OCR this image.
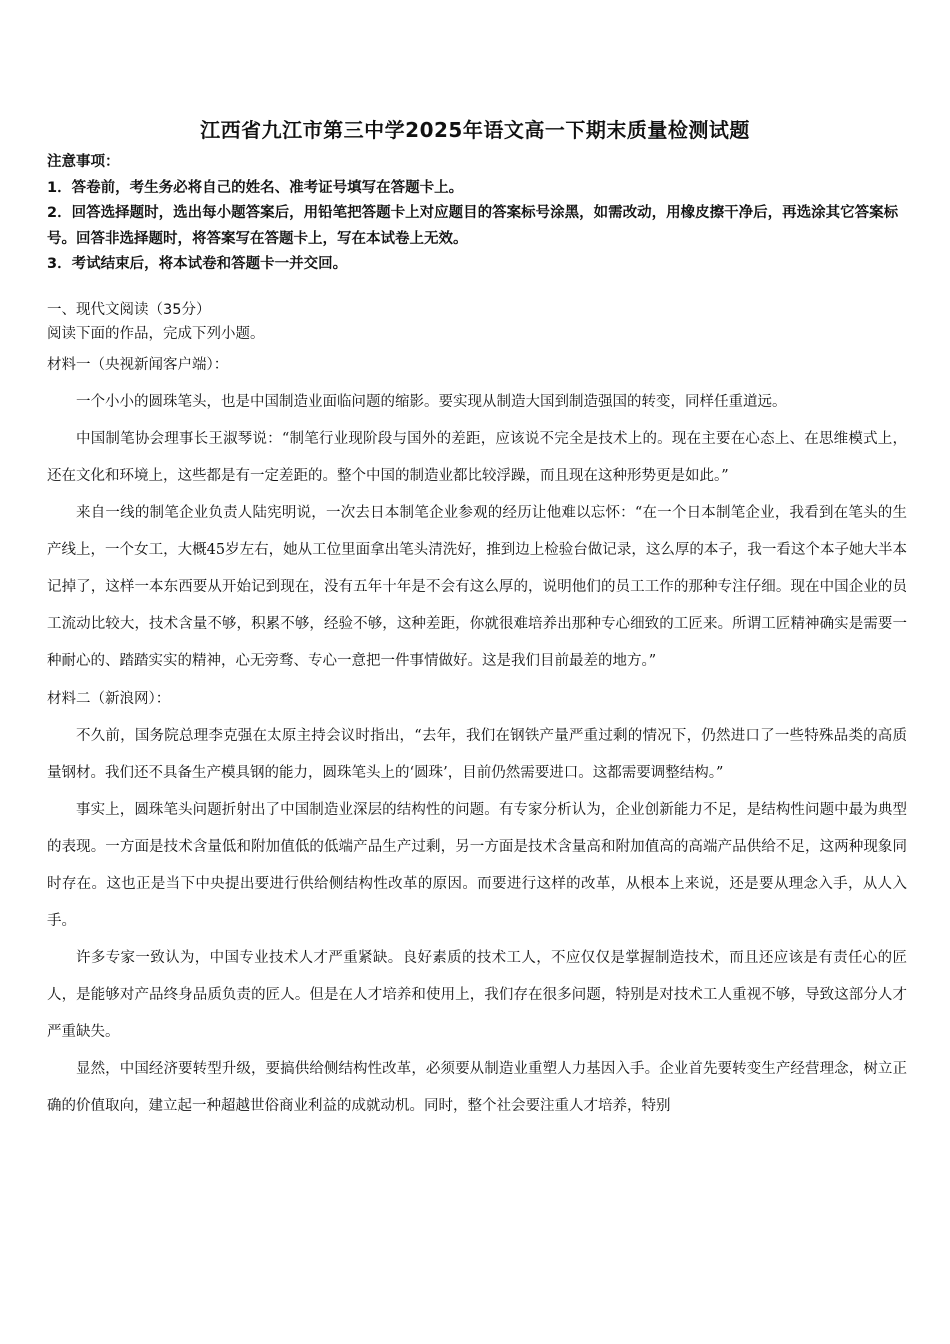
江西省九江市第三中学2025年语文高一下期末质量检测试题
注意事项：
1．答卷前，考生务必将自己的姓名、准考证号填写在答题卡上。
2．回答选择题时，选出每小题答案后，用铅笔把答题卡上对应题目的答案标号涂黑，如需改动，用橡皮擦干净后，再选涂其它答案标号。回答非选择题时，将答案写在答题卡上，写在本试卷上无效。
3．考试结束后，将本试卷和答题卡一并交回。
一、现代文阅读（35分）
阅读下面的作品，完成下列小题。
材料一（央视新闻客户端）：

一个小小的圆珠笔头，也是中国制造业面临问题的缩影。要实现从制造大国到制造强国的转变，同样任重道远。

中国制笔协会理事长王淑琴说：“制笔行业现阶段与国外的差距，应该说不完全是技术上的。现在主要在心态上、在思维模式上，还在文化和环境上，这些都是有一定差距的。整个中国的制造业都比较浮躁，而且现在这种形势更是如此。”

来自一线的制笔企业负责人陆宪明说，一次去日本制笔企业参观的经历让他难以忘怀：“在一个日本制笔企业，我看到在笔头的生产线上，一个女工，大概45岁左右，她从工位里面拿出笔头清洗好，推到边上检验台做记录，这么厚的本子，我一看这个本子她大半本记掉了，这样一本东西要从开始记到现在，没有五年十年是不会有这么厚的，说明他们的员工工作的那种专注仔细。现在中国企业的员工流动比较大，技术含量不够，积累不够，经验不够，这种差距，你就很难培养出那种专心细致的工匠来。所谓工匠精神确实是需要一种耐心的、踏踏实实的精神，心无旁骛、专心一意把一件事情做好。这是我们目前最差的地方。”

材料二（新浪网）：

不久前，国务院总理李克强在太原主持会议时指出，“去年，我们在钢铁产量严重过剩的情况下，仍然进口了一些特殊品类的高质量钢材。我们还不具备生产模具钢的能力，圆珠笔头上的‘圆珠’，目前仍然需要进口。这都需要调整结构。”

事实上，圆珠笔头问题折射出了中国制造业深层的结构性的问题。有专家分析认为，企业创新能力不足，是结构性问题中最为典型的表现。一方面是技术含量低和附加值低的低端产品生产过剩，另一方面是技术含量高和附加值高的高端产品供给不足，这两种现象同时存在。这也正是当下中央提出要进行供给侧结构性改革的原因。而要进行这样的改革，从根本上来说，还是要从理念入手，从人入手。

许多专家一致认为，中国专业技术人才严重紧缺。良好素质的技术工人，不应仅仅是掌握制造技术，而且还应该是有责任心的匠人，是能够对产品终身品质负责的匠人。但是在人才培养和使用上，我们存在很多问题，特别是对技术工人重视不够，导致这部分人才严重缺失。

显然，中国经济要转型升级，要搞供给侧结构性改革，必须要从制造业重塑人力基因入手。企业首先要转变生产经营理念，树立正确的价值取向，建立起一种超越世俗商业利益的成就动机。同时，整个社会要注重人才培养，特别
